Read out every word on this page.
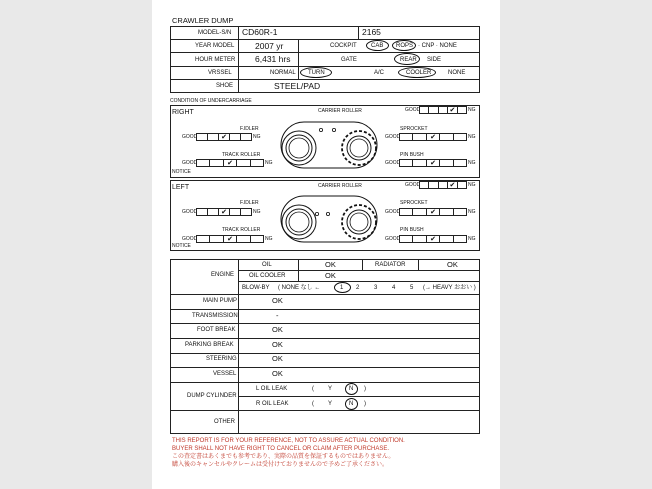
CRAWLER DUMP
MODEL-S/N CD60R-1	2165
YEAR MODEL 2007 yr	COCKPIT CAB ROPS · CNP · NONE
HOUR METER 6,431 hrs	GATE	REAR SIDE
VRSSEL	NORMAL TURN	A/C	COOLER	NONE
SHOE	STEEL/PAD
CONDITION OF UNDERCARRIAGE
RIGHT
NOTICE
CARRIER ROLLER
F.IDLER	SPROCKET
TRACK ROLLER	PIN BUSH
GOOD	✔	NG
GOOD	✔	NG	GOOD	✔	NG
GOOD	✔	NG	GOOD	✔	NG
LEFT
NOTICE
CARRIER ROLLER
F.IDLER	SPROCKET
TRACK ROLLER	PIN BUSH
GOOD	✔	NG
GOOD	✔	NG	GOOD	✔	NG
GOOD	✔	NG	GOOD	✔	NG
ENGINE
OIL	OK	RADIATOR	OK
OIL COOLER	OK
BLOW-BY ( NONE なし ←	1 2 3 4 5 (→ HEAVY おおい )
MAIN PUMP	OK
TRANSMISSION	-
FOOT BREAK	OK
PARKING BREAK	OK
STEERING	OK
VESSEL	OK
DUMP CYLINDER
L OIL LEAK	( Y	N )
R OIL LEAK	( Y	N )
OTHER
THIS REPORT IS FOR YOUR REFERENCE, NOT TO ASSURE ACTUAL CONDITION.
BUYER SHALL NOT HAVE RIGHT TO CANCEL OR CLAIM AFTER PURCHASE.
この査定書はあくまでも参考であり、実際の品質を保証するものではありません。
購入後のキャンセルやクレームは受付けておりませんので予めご了承ください。
